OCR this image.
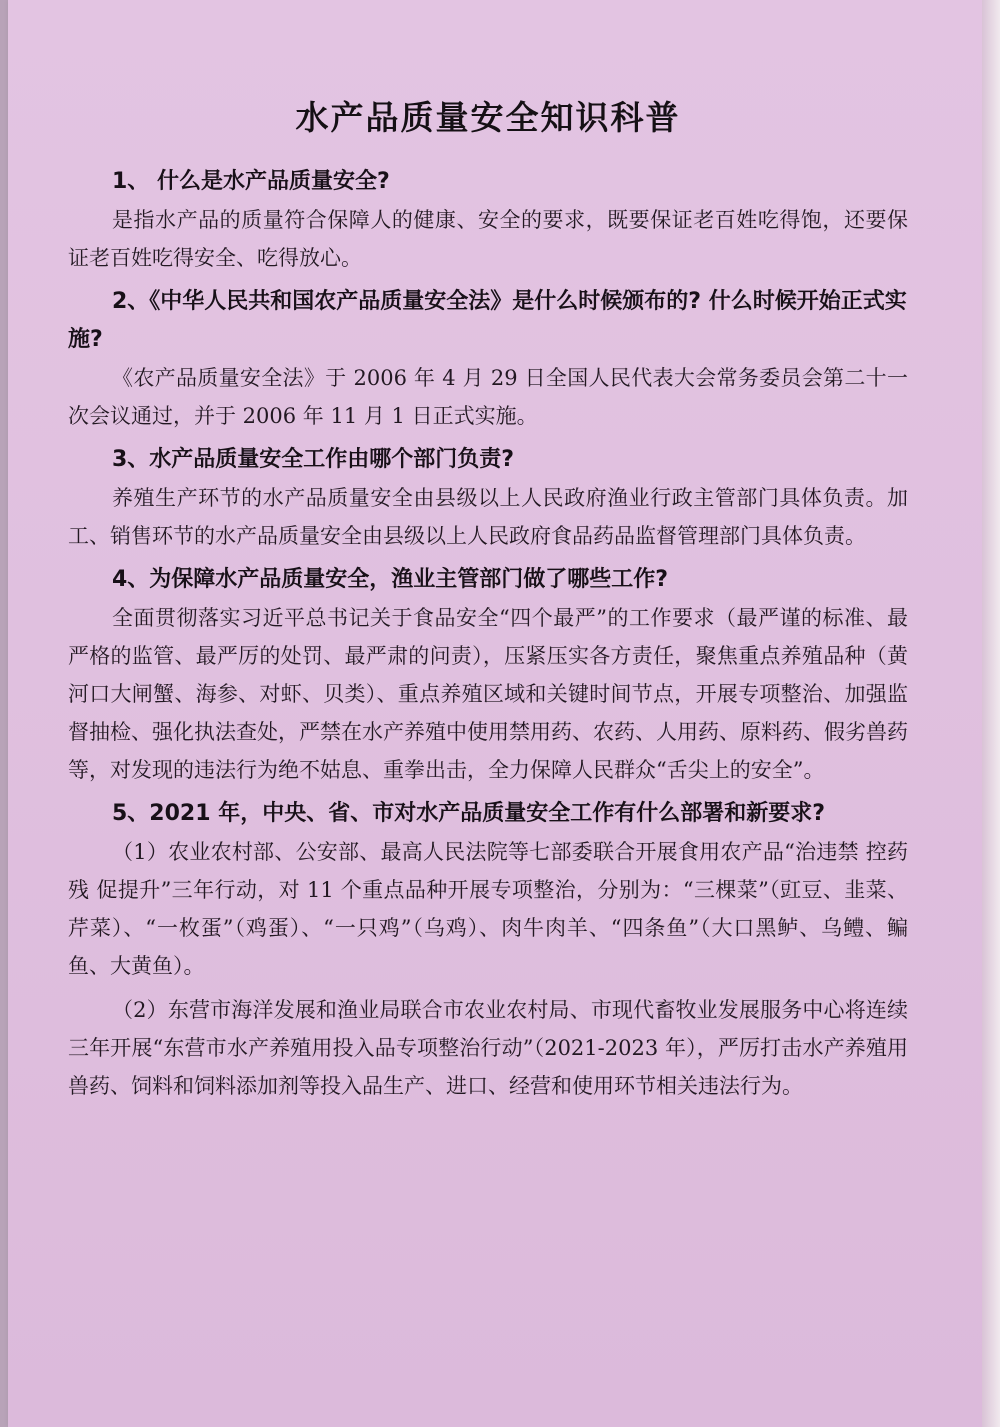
水产品质量安全知识科普

1、 什么是水产品质量安全?

是指水产品的质量符合保障人的健康、安全的要求，既要保证老百姓吃得饱，还要保证老百姓吃得安全、吃得放心。

2、《中华人民共和国农产品质量安全法》是什么时候颁布的? 什么时候开始正式实施?

《农产品质量安全法》于 2006 年 4 月 29 日全国人民代表大会常务委员会第二十一次会议通过，并于 2006 年 11 月 1 日正式实施。

3、水产品质量安全工作由哪个部门负责?

养殖生产环节的水产品质量安全由县级以上人民政府渔业行政主管部门具体负责。加工、销售环节的水产品质量安全由县级以上人民政府食品药品监督管理部门具体负责。

4、为保障水产品质量安全，渔业主管部门做了哪些工作?

全面贯彻落实习近平总书记关于食品安全“四个最严”的工作要求（最严谨的标准、最严格的监管、最严厉的处罚、最严肃的问责），压紧压实各方责任，聚焦重点养殖品种（黄河口大闸蟹、海参、对虾、贝类）、重点养殖区域和关键时间节点，开展专项整治、加强监督抽检、强化执法查处，严禁在水产养殖中使用禁用药、农药、人用药、原料药、假劣兽药等，对发现的违法行为绝不姑息、重拳出击，全力保障人民群众“舌尖上的安全”。

5、2021 年，中央、省、市对水产品质量安全工作有什么部署和新要求?

（1）农业农村部、公安部、最高人民法院等七部委联合开展食用农产品“治违禁 控药残 促提升”三年行动，对 11 个重点品种开展专项整治，分别为：“三棵菜”（豇豆、韭菜、芹菜）、“一枚蛋”（鸡蛋）、“一只鸡”（乌鸡）、肉牛肉羊、“四条鱼”（大口黑鲈、乌鳢、鳊鱼、大黄鱼）。

（2）东营市海洋发展和渔业局联合市农业农村局、市现代畜牧业发展服务中心将连续三年开展“东营市水产养殖用投入品专项整治行动”（2021-2023 年），严厉打击水产养殖用兽药、饲料和饲料添加剂等投入品生产、进口、经营和使用环节相关违法行为。
